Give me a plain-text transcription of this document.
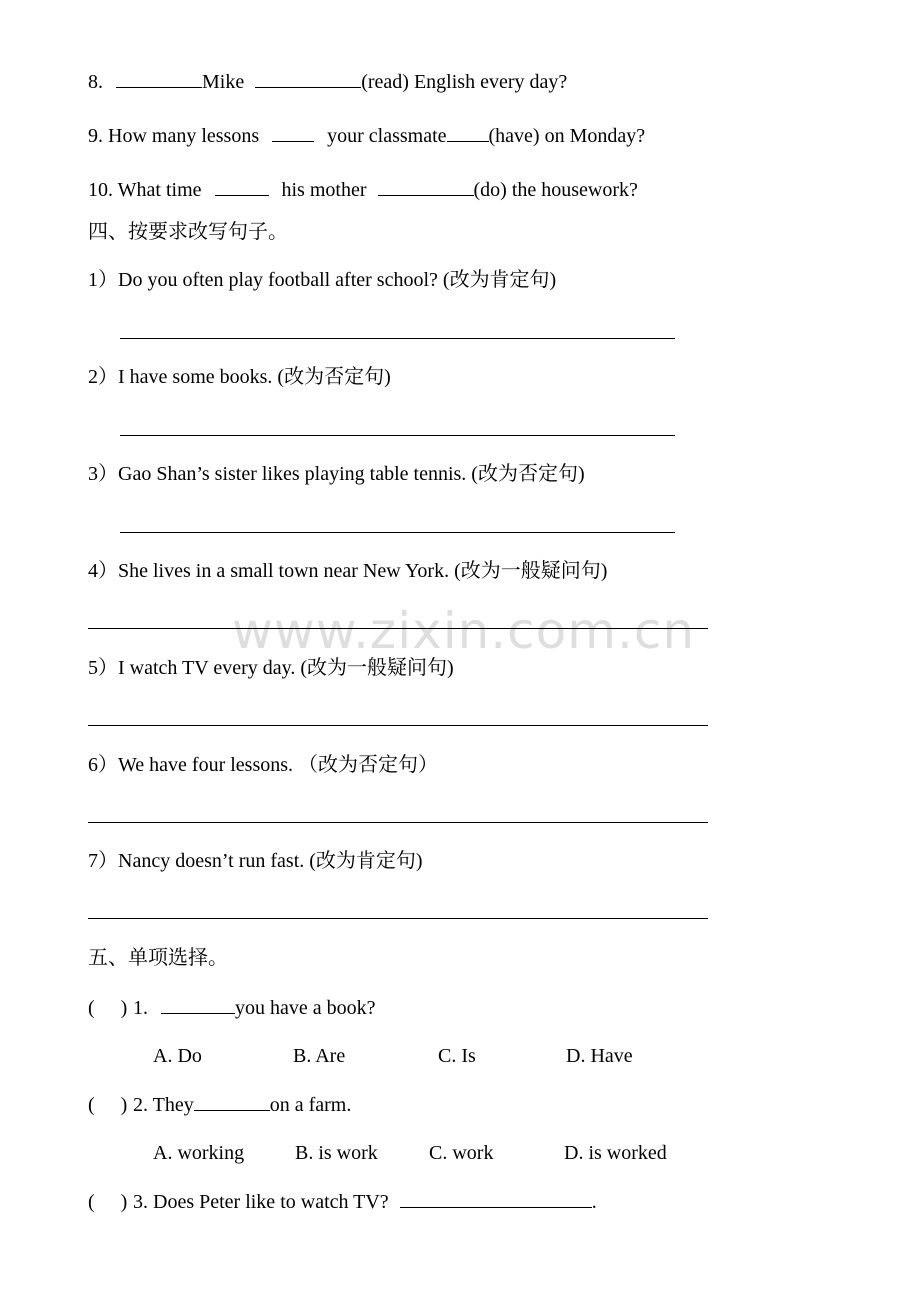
www.zixin.com.cn
8.	Mike	(read) English every day?
9. How many lessons	your classmate (have) on Monday?
10. What time	his mother	(do) the housework?
四、按要求改写句子。
1）Do you often play football after school? (改为肯定句)
2）I have some books. (改为否定句)
3）Gao Shan’s sister likes playing table tennis. (改为否定句)
4）She lives in a small town near New York. (改为一般疑问句)
5）I watch TV every day. (改为一般疑问句)
6）We have four lessons. （改为否定句）
7）Nancy doesn’t run fast. (改为肯定句)
五、单项选择。
( ) 1.	you have a book?
A. Do	B. Are	C. Is	D. Have
( ) 2. They	on a farm.
A. working	B. is work	C. work	D. is worked
( ) 3. Does Peter like to watch TV?	.
